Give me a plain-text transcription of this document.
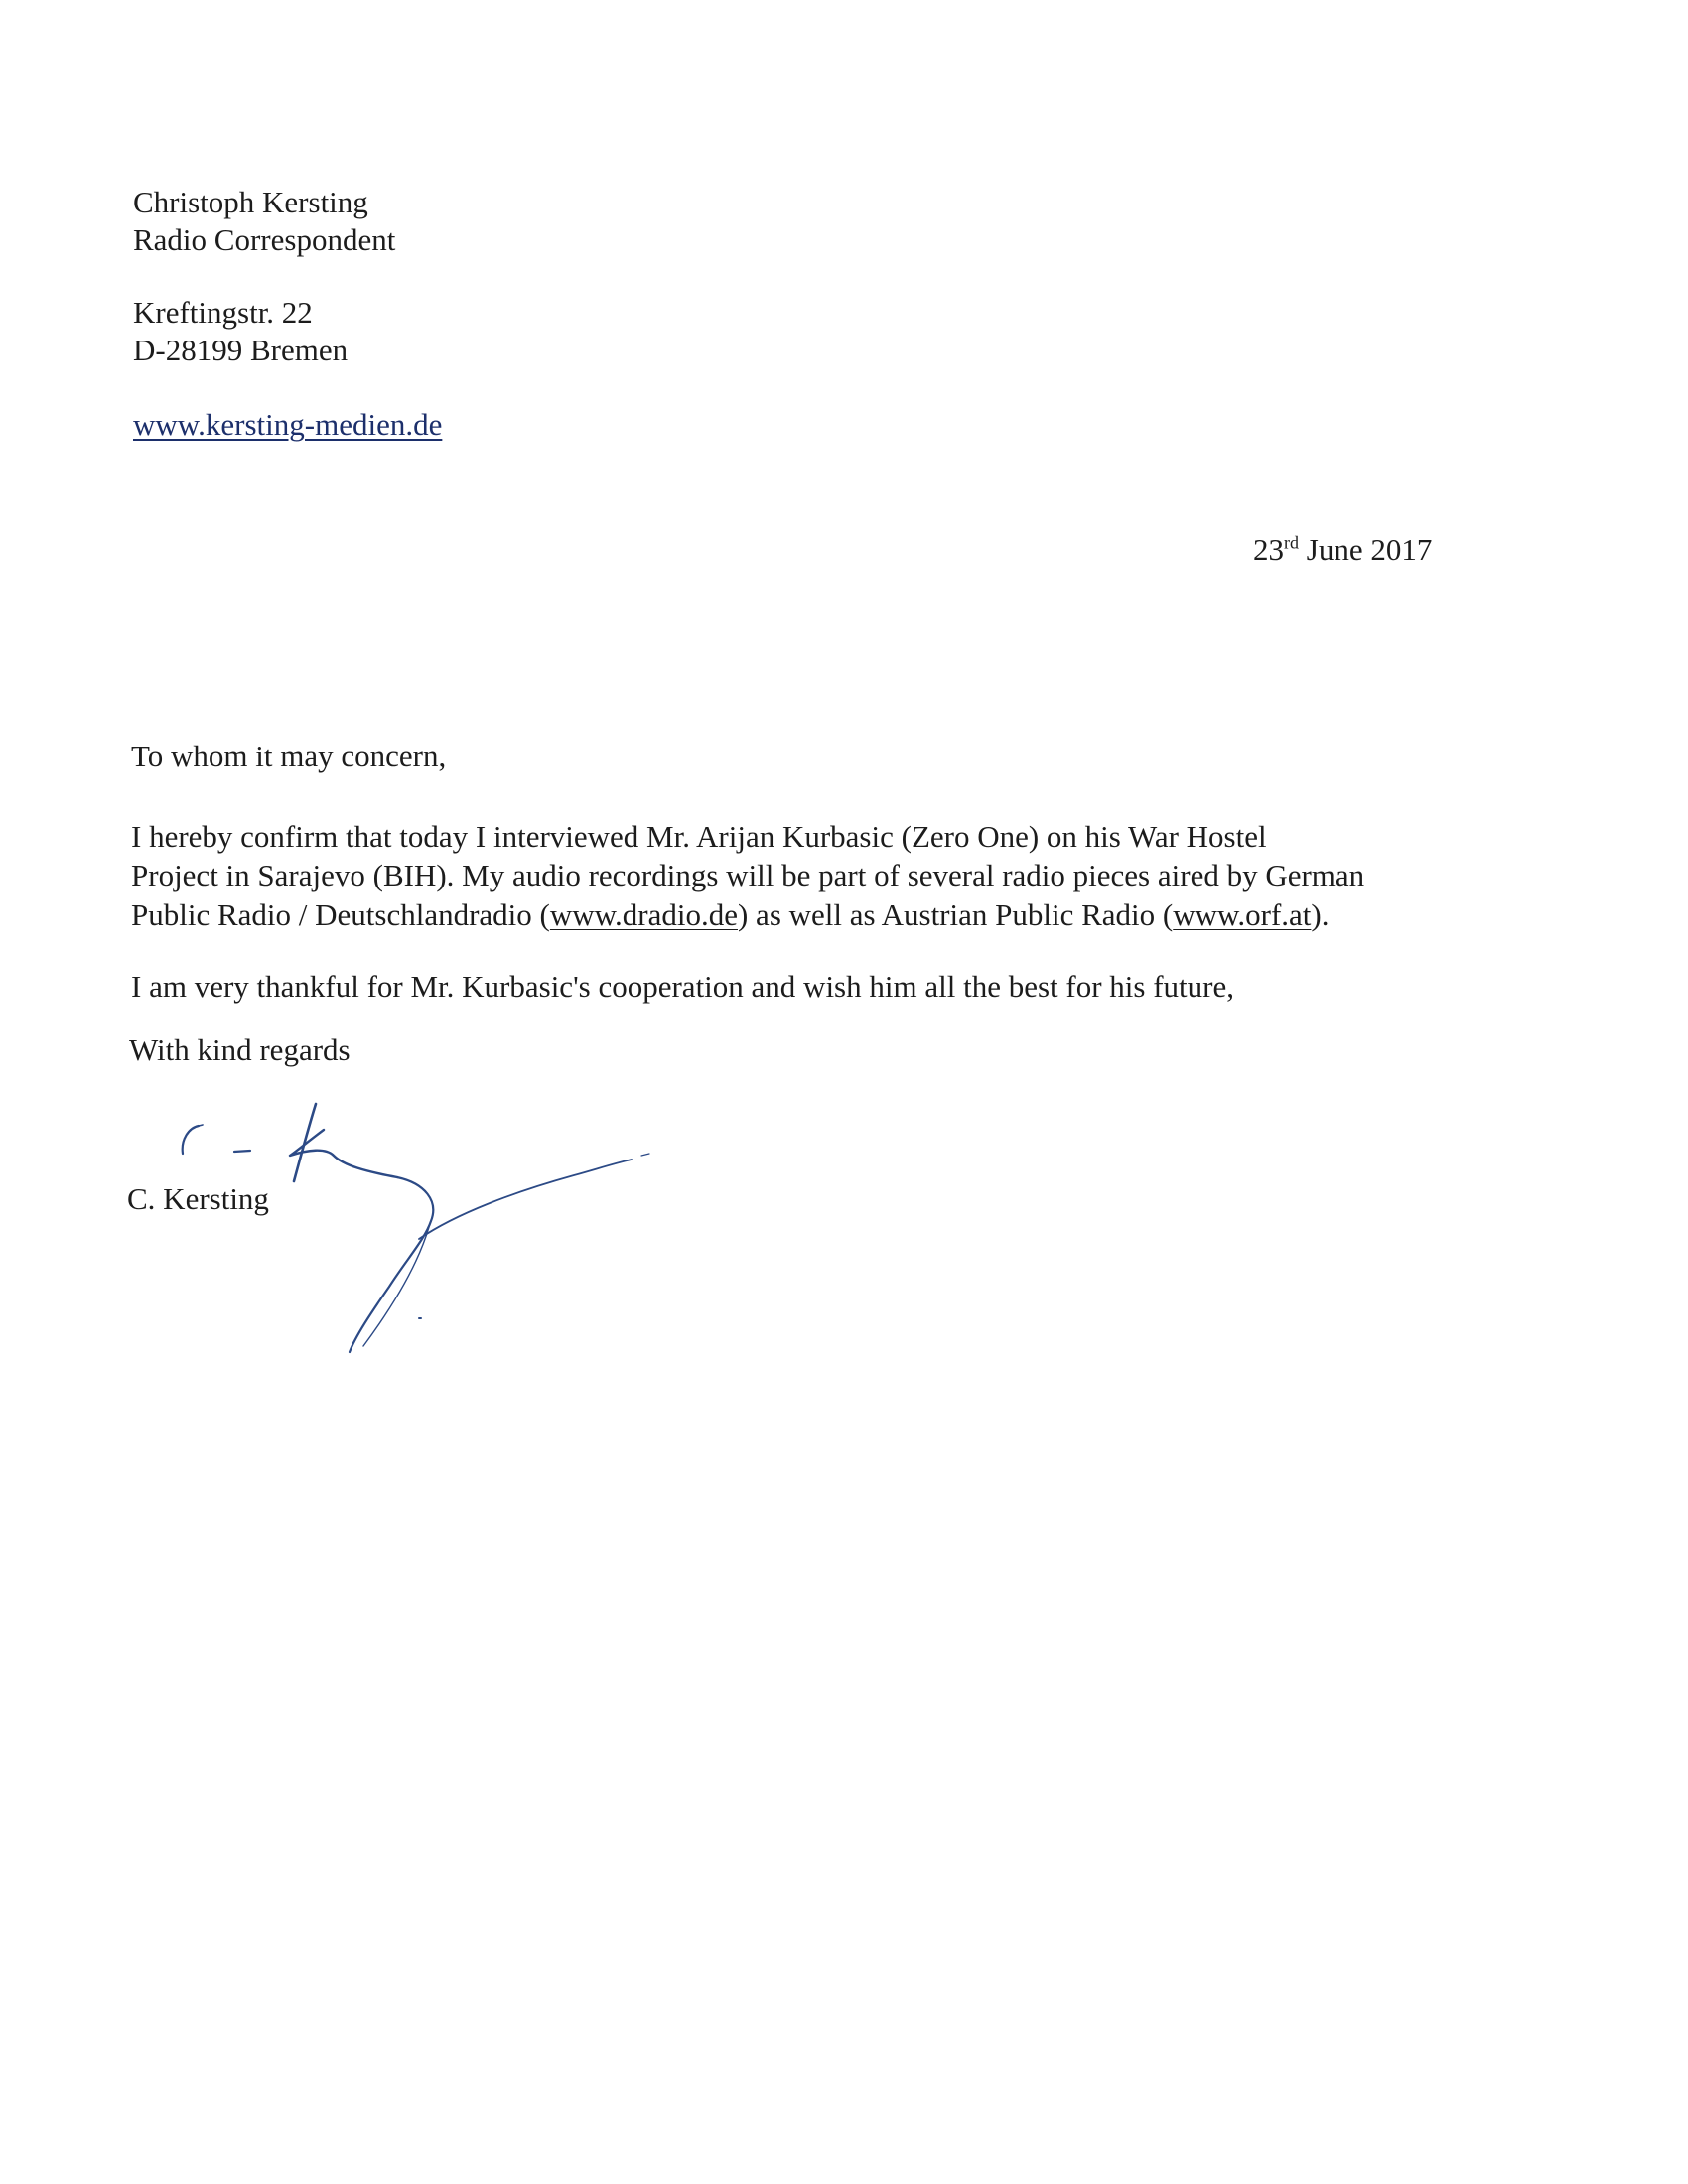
Christoph Kersting
Radio Correspondent
Kreftingstr. 22
D-28199 Bremen
www.kersting-medien.de
23rd June 2017
To whom it may concern,
I hereby confirm that today I interviewed Mr. Arijan Kurbasic (Zero One) on his War Hostel
Project in Sarajevo (BIH). My audio recordings will be part of several radio pieces aired by German
Public Radio / Deutschlandradio (www.dradio.de) as well as Austrian Public Radio (www.orf.at).
I am very thankful for Mr. Kurbasic's cooperation and wish him all the best for his future,
With kind regards
C. Kersting
